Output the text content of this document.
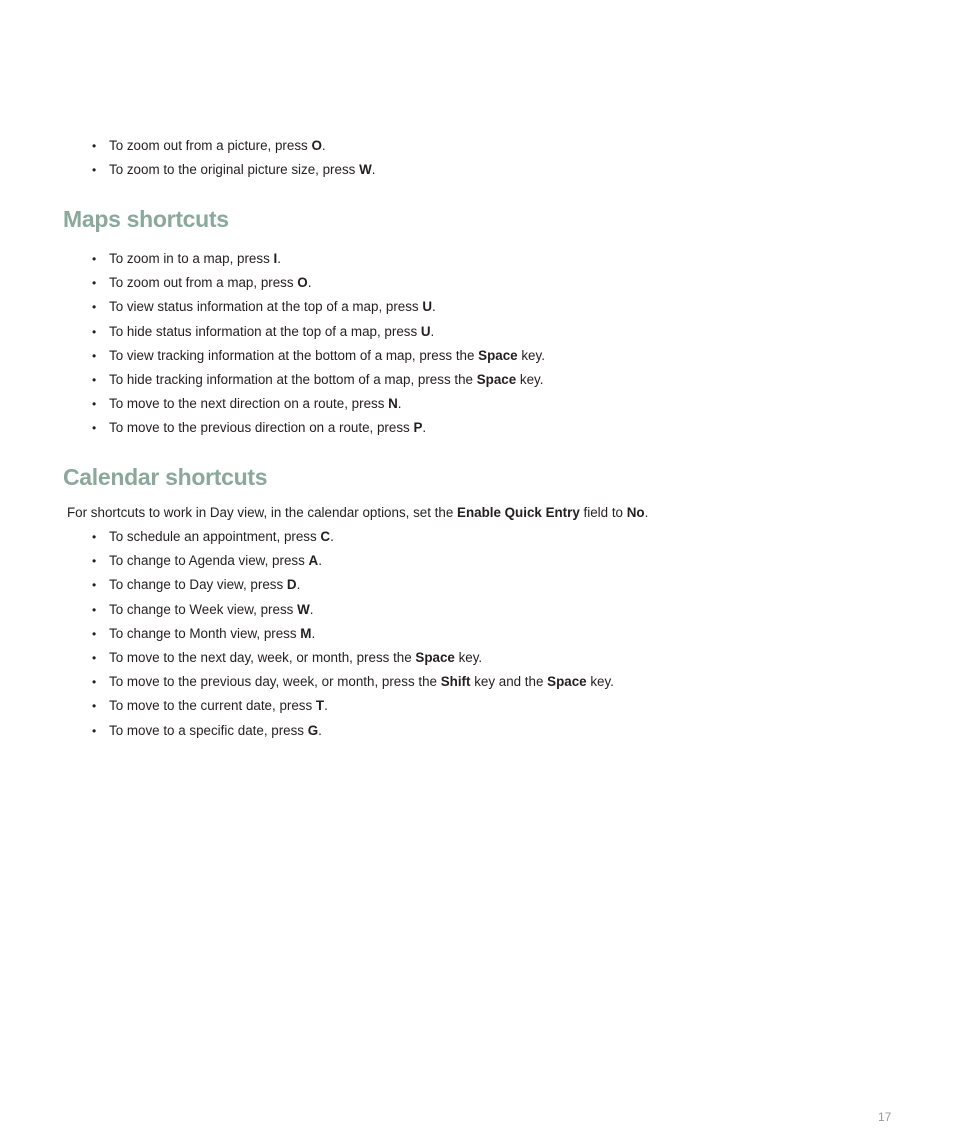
• To zoom out from a picture, press O.
• To zoom to the original picture size, press W.
Maps shortcuts
• To zoom in to a map, press I.
• To zoom out from a map, press O.
• To view status information at the top of a map, press U.
• To hide status information at the top of a map, press U.
• To view tracking information at the bottom of a map, press the Space key.
• To hide tracking information at the bottom of a map, press the Space key.
• To move to the next direction on a route, press N.
• To move to the previous direction on a route, press P.
Calendar shortcuts
For shortcuts to work in Day view, in the calendar options, set the Enable Quick Entry field to No.
• To schedule an appointment, press C.
• To change to Agenda view, press A.
• To change to Day view, press D.
• To change to Week view, press W.
• To change to Month view, press M.
• To move to the next day, week, or month, press the Space key.
• To move to the previous day, week, or month, press the Shift key and the Space key.
• To move to the current date, press T.
• To move to a specific date, press G.
17
